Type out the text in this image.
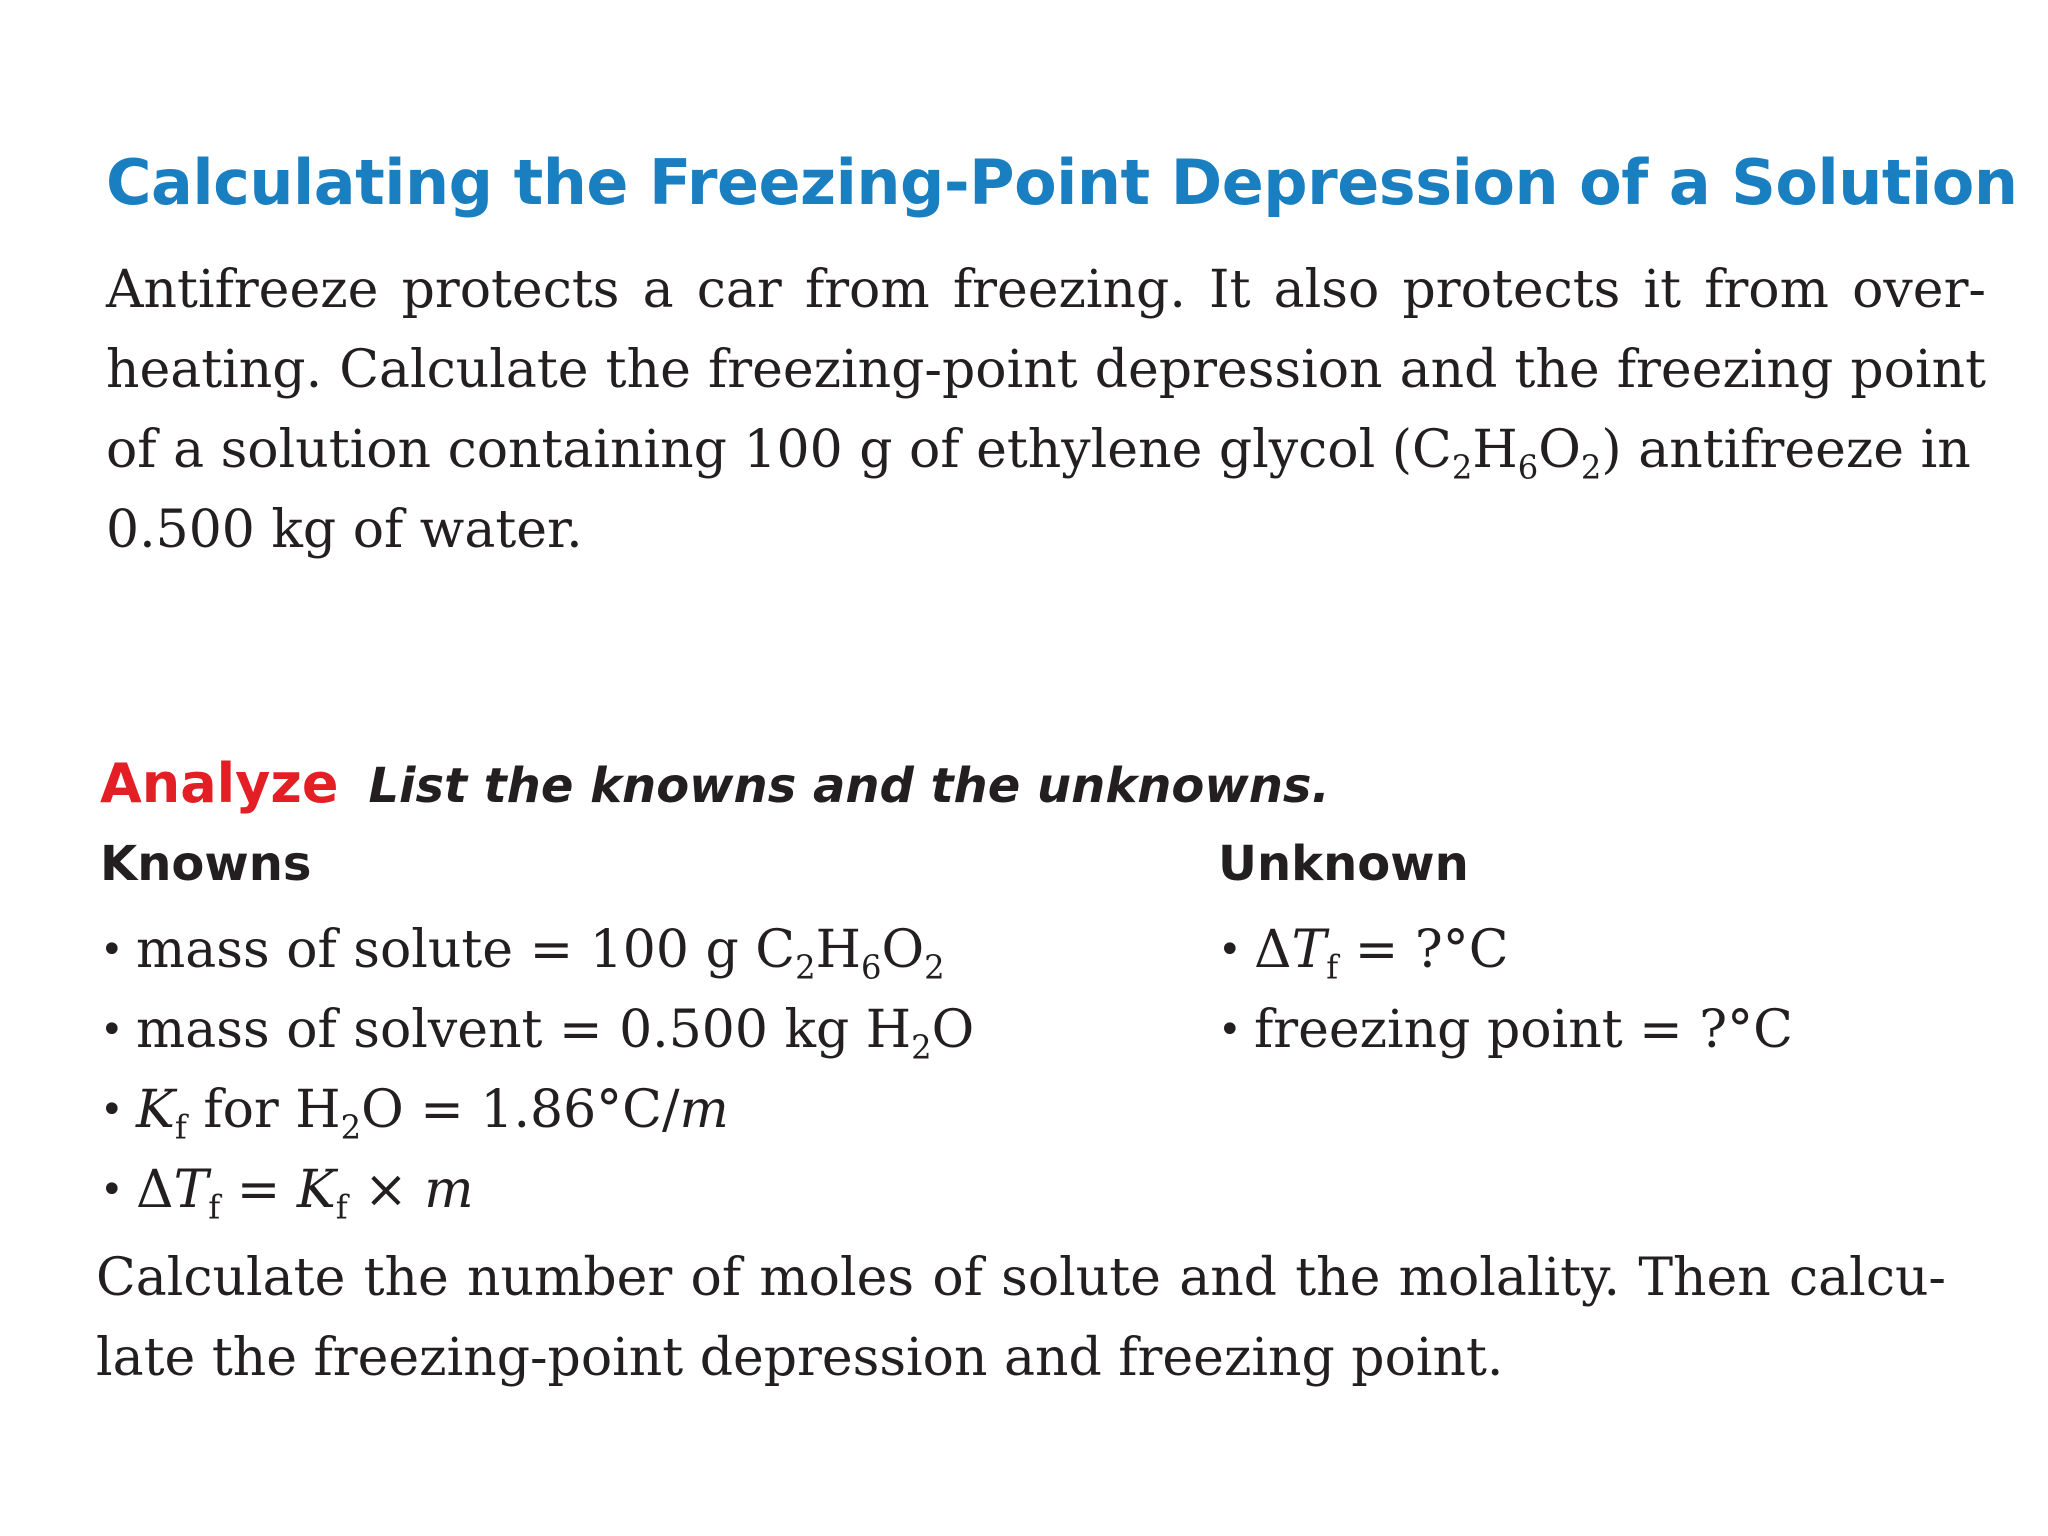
Calculating the Freezing-Point Depression of a Solution
Antifreeze protects a car from freezing. It also protects it from over-
heating. Calculate the freezing-point depression and the freezing point
of a solution containing 100 g of ethylene glycol $(C_2H_6O_2)$ antifreeze in
0.500 kg of water.
Analyze List the knowns and the unknowns.
Knowns
• mass of solute = 100 g $C_2H_6O_2$
• mass of solvent = 0.500 kg $H_2O$
• $K_f$ for $H_2O = 1.86^\circ C/m$
• $\Delta T_f = K_f \times m$
Unknown
• $\Delta T_f$ = ?°C
• freezing point = ?°C
Calculate the number of moles of solute and the molality. Then calcu-
late the freezing-point depression and freezing point.
